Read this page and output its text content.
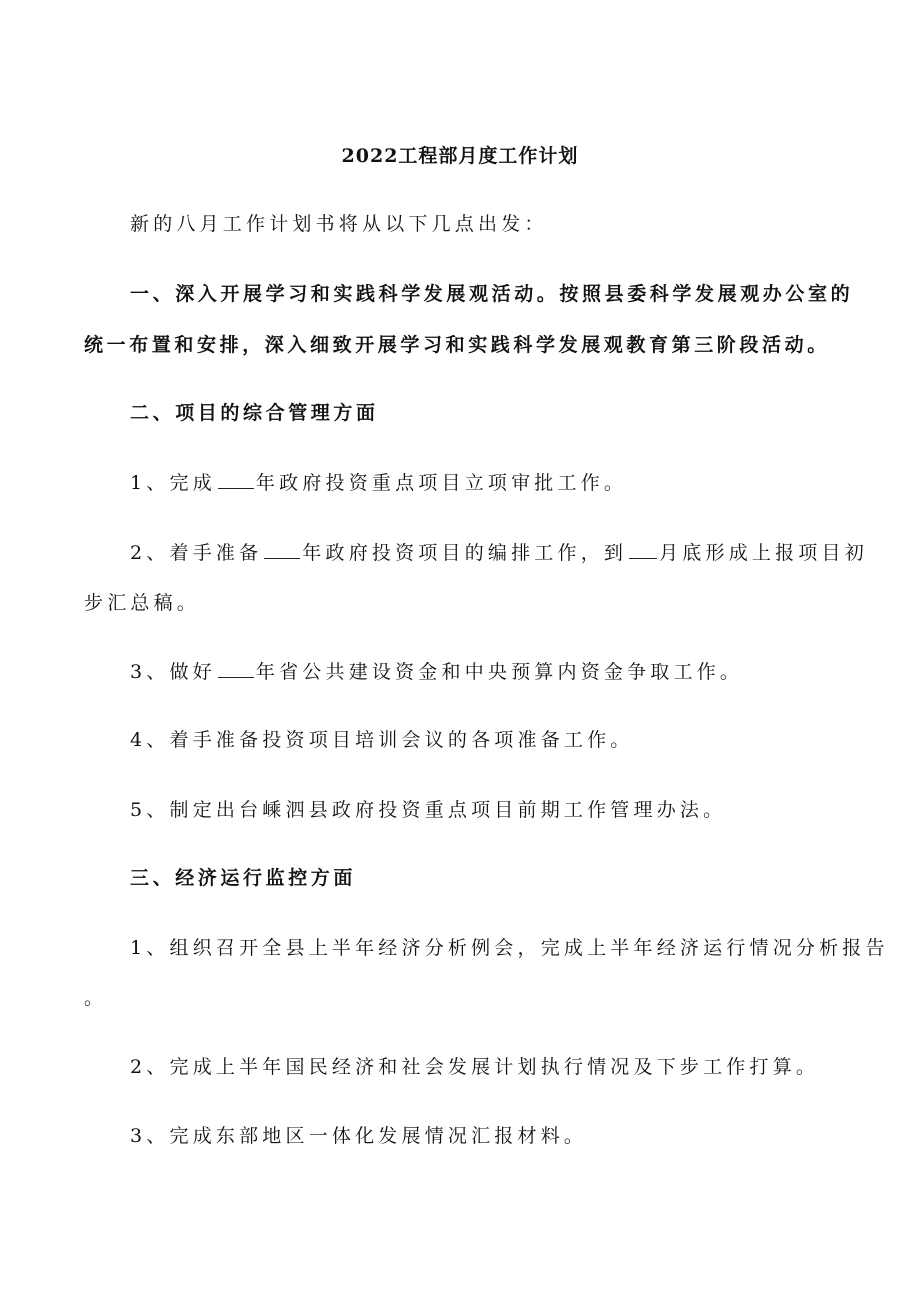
2022工程部月度工作计划
新的八月工作计划书将从以下几点出发：
一、深入开展学习和实践科学发展观活动。按照县委科学发展观办公室的
统一布置和安排，深入细致开展学习和实践科学发展观教育第三阶段活动。
二、项目的综合管理方面
1、完成 年政府投资重点项目立项审批工作。
2、着手准备 年政府投资项目的编排工作，到 月底形成上报项目初
步汇总稿。
3、做好 年省公共建设资金和中央预算内资金争取工作。
4、着手准备投资项目培训会议的各项准备工作。
5、制定出台嵊泗县政府投资重点项目前期工作管理办法。
三、经济运行监控方面
1、组织召开全县上半年经济分析例会，完成上半年经济运行情况分析报告
。
2、完成上半年国民经济和社会发展计划执行情况及下步工作打算。
3、完成东部地区一体化发展情况汇报材料。
